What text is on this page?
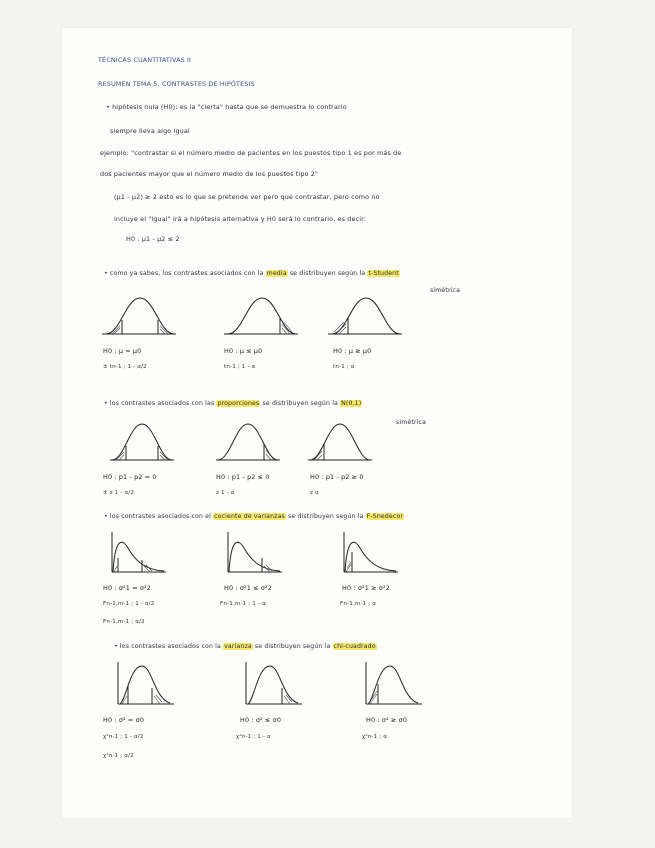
TÉCNICAS CUANTITATIVAS II
RESUMEN TEMA 5. CONTRASTES DE HIPÓTESIS
• hipótesis nula (H0): es la "cierta" hasta que se demuestra lo contrario
siempre lleva algo igual
ejemplo: "contrastar si el número medio de pacientes en los puestos tipo 1 es por más de
dos pacientes mayor que el número medio de los puestos tipo 2"
(μ1 - μ2) ≥ 2 esto es lo que se pretende ver pero que contrastar, pero como no
incluye el "igual" irá a hipótesis alternativa y H0 será lo contrario, es decir:
H0 : μ1 - μ2 ≤ 2
• como ya sabes, los contrastes asociados con la media se distribuyen según la t-Student
simétrica
H0 : μ = μ0
± tn-1 ; 1 - α/2
H0 : μ ≤ μ0
tn-1 ; 1 - α
H0 : μ ≥ μ0
tn-1 ; α
• los contrastes asociados con las proporciones se distribuyen según la N(0,1)
simétrica
H0 : p1 - p2 = 0
± z 1 - α/2
H0 : p1 - p2 ≤ 0
z 1 - α
H0 : p1 - p2 ≥ 0
z α
• los contrastes asociados con el cociente de varianzas se distribuyen según la F-Snedecor
H0 : σ²1 = σ²2
Fn-1,m-1 ; 1 - α/2
Fn-1,m-1 ; α/2
H0 : σ²1 ≤ σ²2
Fn-1,m-1 ; 1 - α
H0 : σ²1 ≥ σ²2
Fn-1,m-1 ; α
• los contrastes asociados con la varianza se distribuyen según la chi-cuadrado
H0 : σ² = σ0
χ²n-1 ; 1 - α/2
χ²n-1 ; α/2
H0 : σ² ≤ σ0
χ²n-1 ; 1 - α
H0 : σ² ≥ σ0
χ²n-1 ; α
